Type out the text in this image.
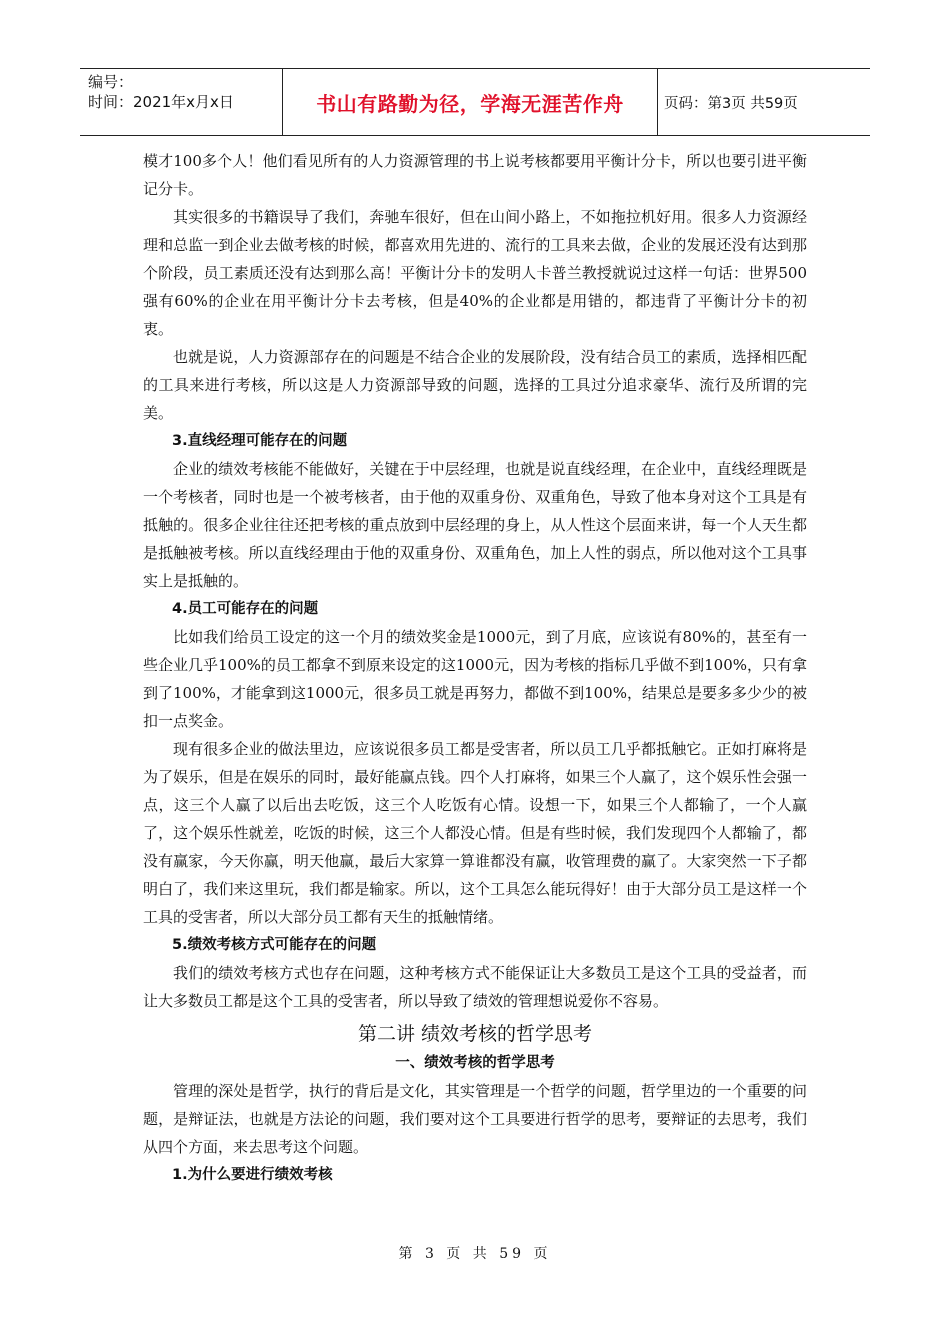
编号：
时间：2021年x月x日	书山有路勤为径，学海无涯苦作舟	页码：第3页 共59页

模才100多个人！他们看见所有的人力资源管理的书上说考核都要用平衡计分卡，所以也要引进平衡记分卡。

其实很多的书籍误导了我们，奔驰车很好，但在山间小路上，不如拖拉机好用。很多人力资源经理和总监一到企业去做考核的时候，都喜欢用先进的、流行的工具来去做，企业的发展还没有达到那个阶段，员工素质还没有达到那么高！平衡计分卡的发明人卡普兰教授就说过这样一句话：世界500强有60%的企业在用平衡计分卡去考核，但是40%的企业都是用错的，都违背了平衡计分卡的初衷。

也就是说，人力资源部存在的问题是不结合企业的发展阶段，没有结合员工的素质，选择相匹配的工具来进行考核，所以这是人力资源部导致的问题，选择的工具过分追求豪华、流行及所谓的完美。

3.直线经理可能存在的问题

企业的绩效考核能不能做好，关键在于中层经理，也就是说直线经理，在企业中，直线经理既是一个考核者，同时也是一个被考核者，由于他的双重身份、双重角色，导致了他本身对这个工具是有抵触的。很多企业往往还把考核的重点放到中层经理的身上，从人性这个层面来讲，每一个人天生都是抵触被考核。所以直线经理由于他的双重身份、双重角色，加上人性的弱点，所以他对这个工具事实上是抵触的。

4.员工可能存在的问题

比如我们给员工设定的这一个月的绩效奖金是1000元，到了月底，应该说有80%的，甚至有一些企业几乎100%的员工都拿不到原来设定的这1000元，因为考核的指标几乎做不到100%，只有拿到了100%，才能拿到这1000元，很多员工就是再努力，都做不到100%，结果总是要多多少少的被扣一点奖金。

现有很多企业的做法里边，应该说很多员工都是受害者，所以员工几乎都抵触它。正如打麻将是为了娱乐，但是在娱乐的同时，最好能赢点钱。四个人打麻将，如果三个人赢了，这个娱乐性会强一点，这三个人赢了以后出去吃饭，这三个人吃饭有心情。设想一下，如果三个人都输了，一个人赢了，这个娱乐性就差，吃饭的时候，这三个人都没心情。但是有些时候，我们发现四个人都输了，都没有赢家，今天你赢，明天他赢，最后大家算一算谁都没有赢，收管理费的赢了。大家突然一下子都明白了，我们来这里玩，我们都是输家。所以，这个工具怎么能玩得好！由于大部分员工是这样一个工具的受害者，所以大部分员工都有天生的抵触情绪。

5.绩效考核方式可能存在的问题

我们的绩效考核方式也存在问题，这种考核方式不能保证让大多数员工是这个工具的受益者，而让大多数员工都是这个工具的受害者，所以导致了绩效的管理想说爱你不容易。

第二讲 绩效考核的哲学思考
一、绩效考核的哲学思考

管理的深处是哲学，执行的背后是文化，其实管理是一个哲学的问题，哲学里边的一个重要的问题，是辩证法，也就是方法论的问题，我们要对这个工具要进行哲学的思考，要辩证的去思考，我们从四个方面，来去思考这个问题。

1.为什么要进行绩效考核
第 3 页 共 59 页
